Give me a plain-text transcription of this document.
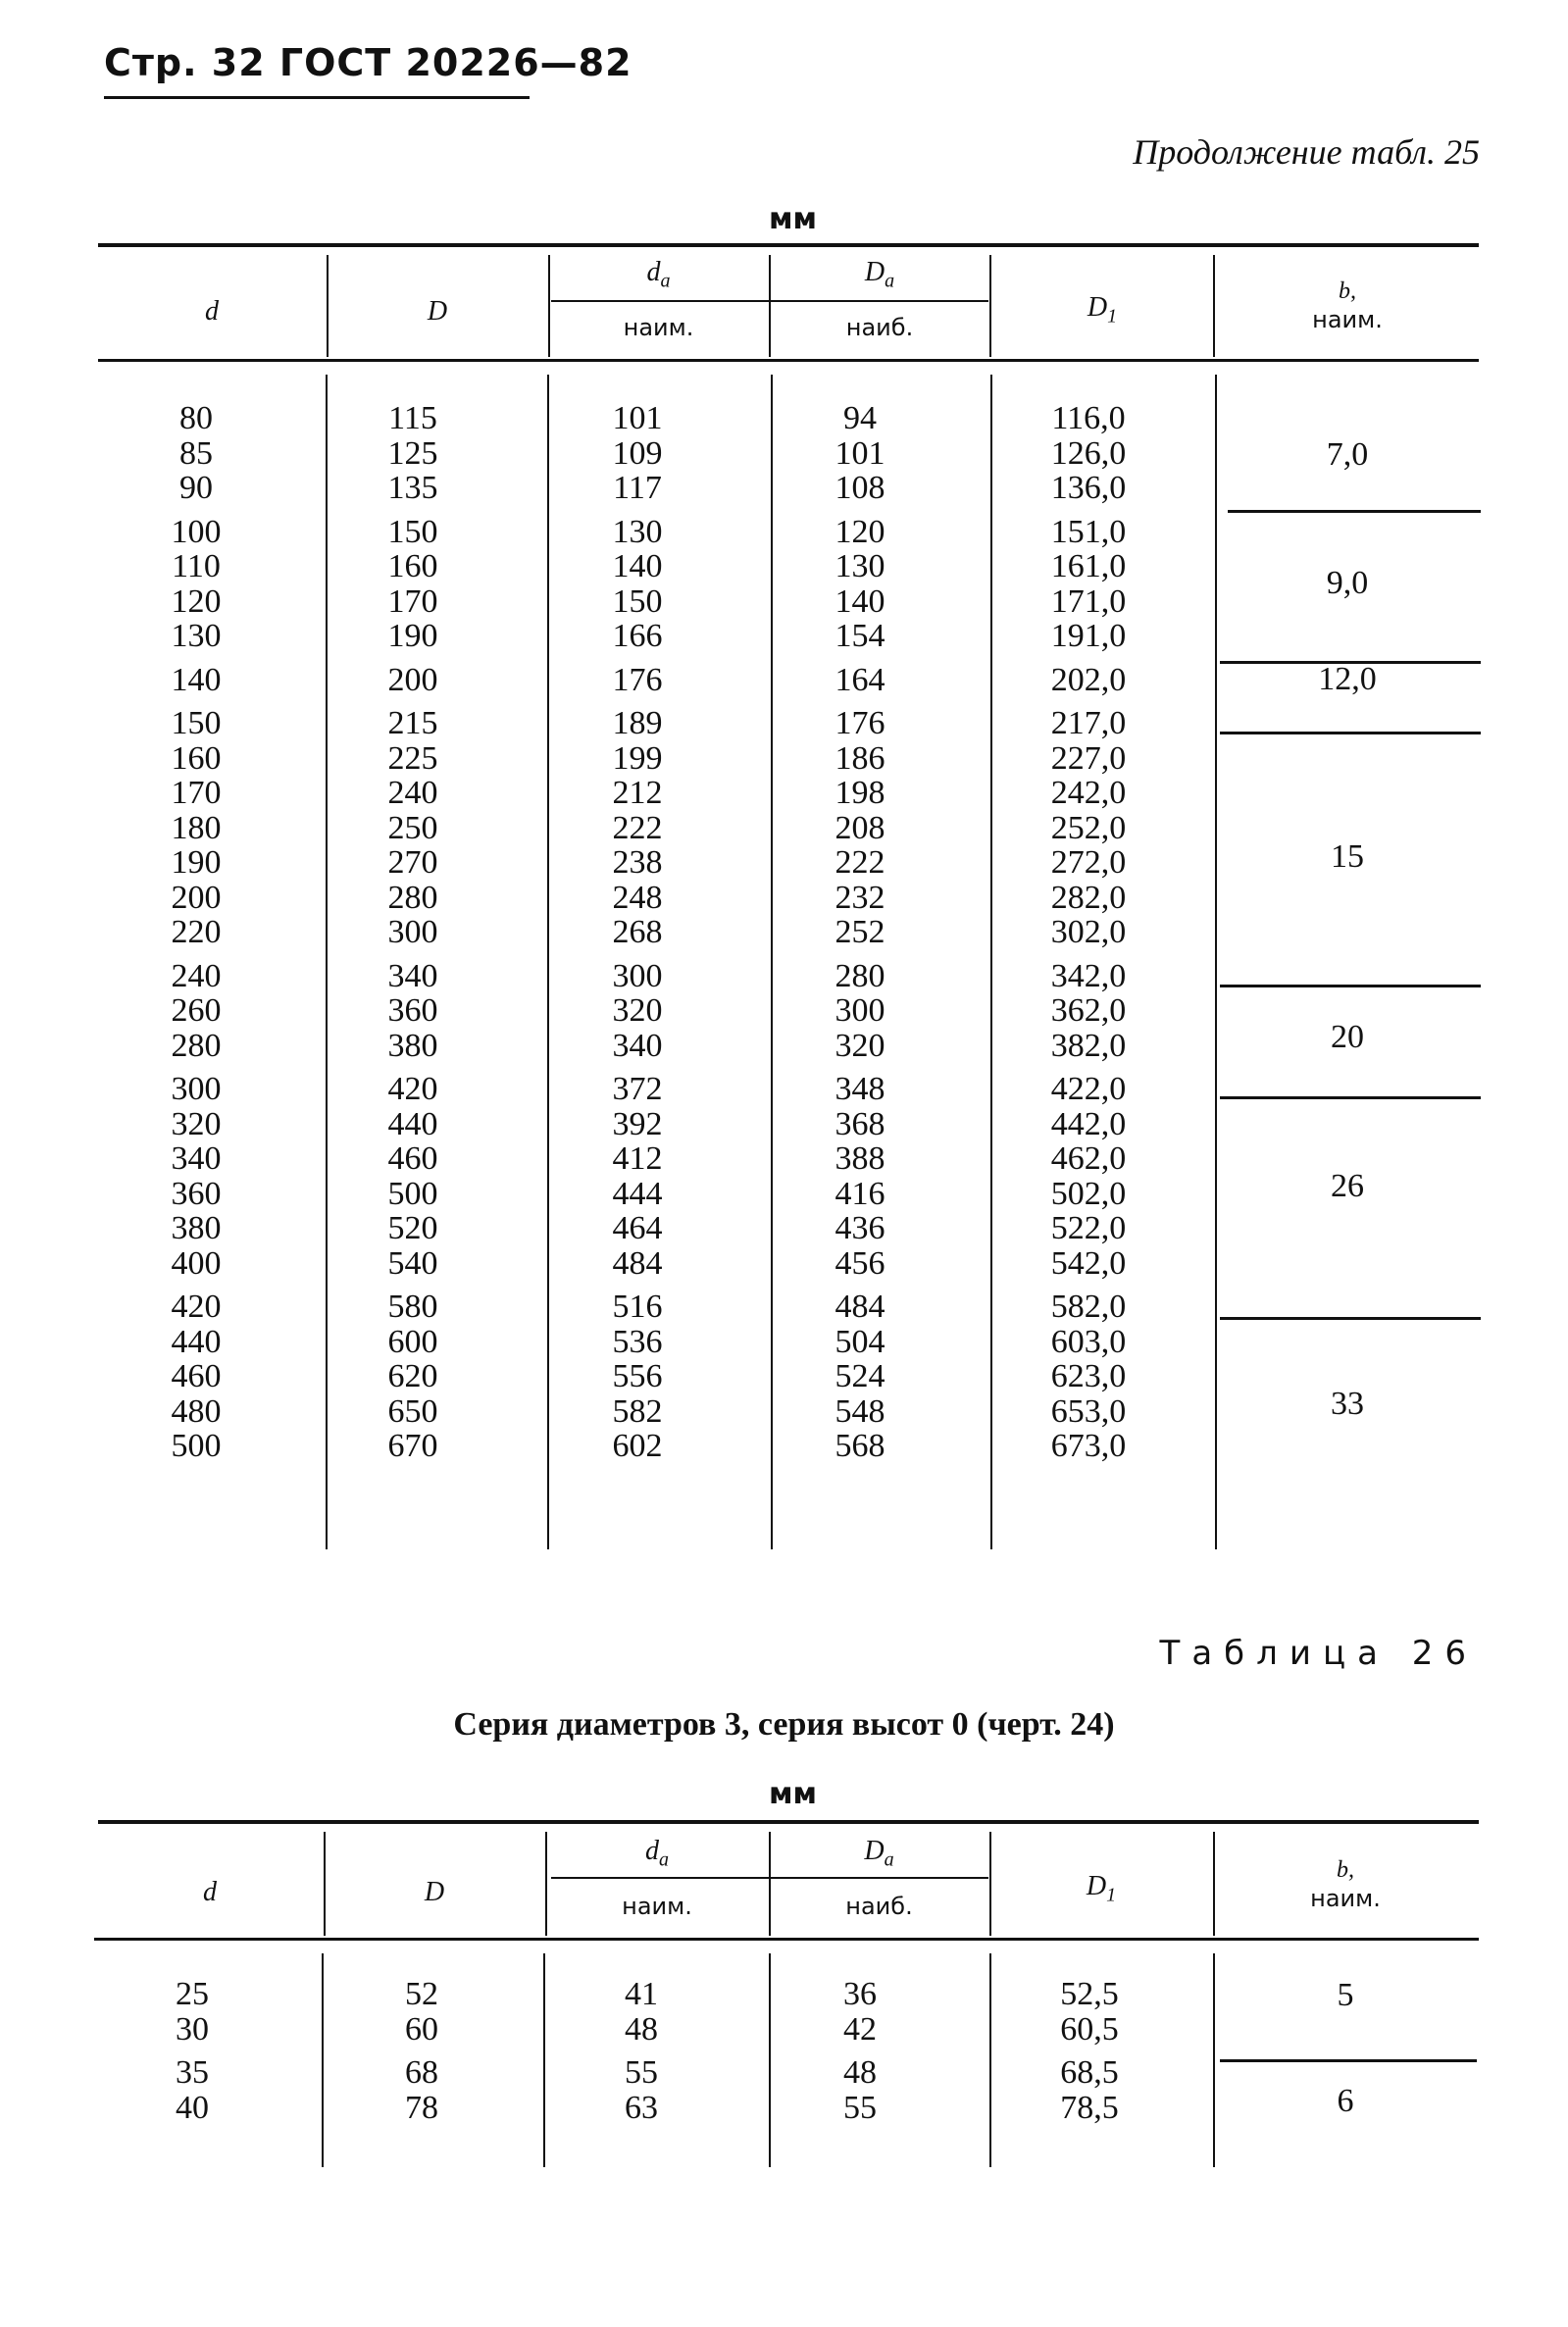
Стр. 32 ГОСТ 20226—82
Продолжение табл. 25
мм
d	D
$d_a$
наим.
$D_a$
наиб.
$D_1$
b,
наим.
80
85
90
100
110
120
130
140
150
160
170
180
190
200
220
240
260
280
300
320
340
360
380
400
420
440
460
480
500
115
125
135
150
160
170
190
200
215
225
240
250
270
280
300
340
360
380
420
440
460
500
520
540
580
600
620
650
670
101
109
117
130
140
150
166
176
189
199
212
222
238
248
268
300
320
340
372
392
412
444
464
484
516
536
556
582
602
94
101
108
120
130
140
154
164
176
186
198
208
222
232
252
280
300
320
348
368
388
416
436
456
484
504
524
548
568
116,0
126,0
136,0
151,0
161,0
171,0
191,0
202,0
217,0
227,0
242,0
252,0
272,0
282,0
302,0
342,0
362,0
382,0
422,0
442,0
462,0
502,0
522,0
542,0
582,0
603,0
623,0
653,0
673,0
7,0
9,0
12,0
15
20
26
33
Таблица 26
Серия диаметров 3, серия высот 0 (черт. 24)
мм
d	D
$d_a$
наим.
$D_a$
наиб.
$D_1$
b,
наим.
25
30
35
40
52
60
68
78
41
48
55
63
36
42
48
55
52,5
60,5
68,5
78,5
5
6
